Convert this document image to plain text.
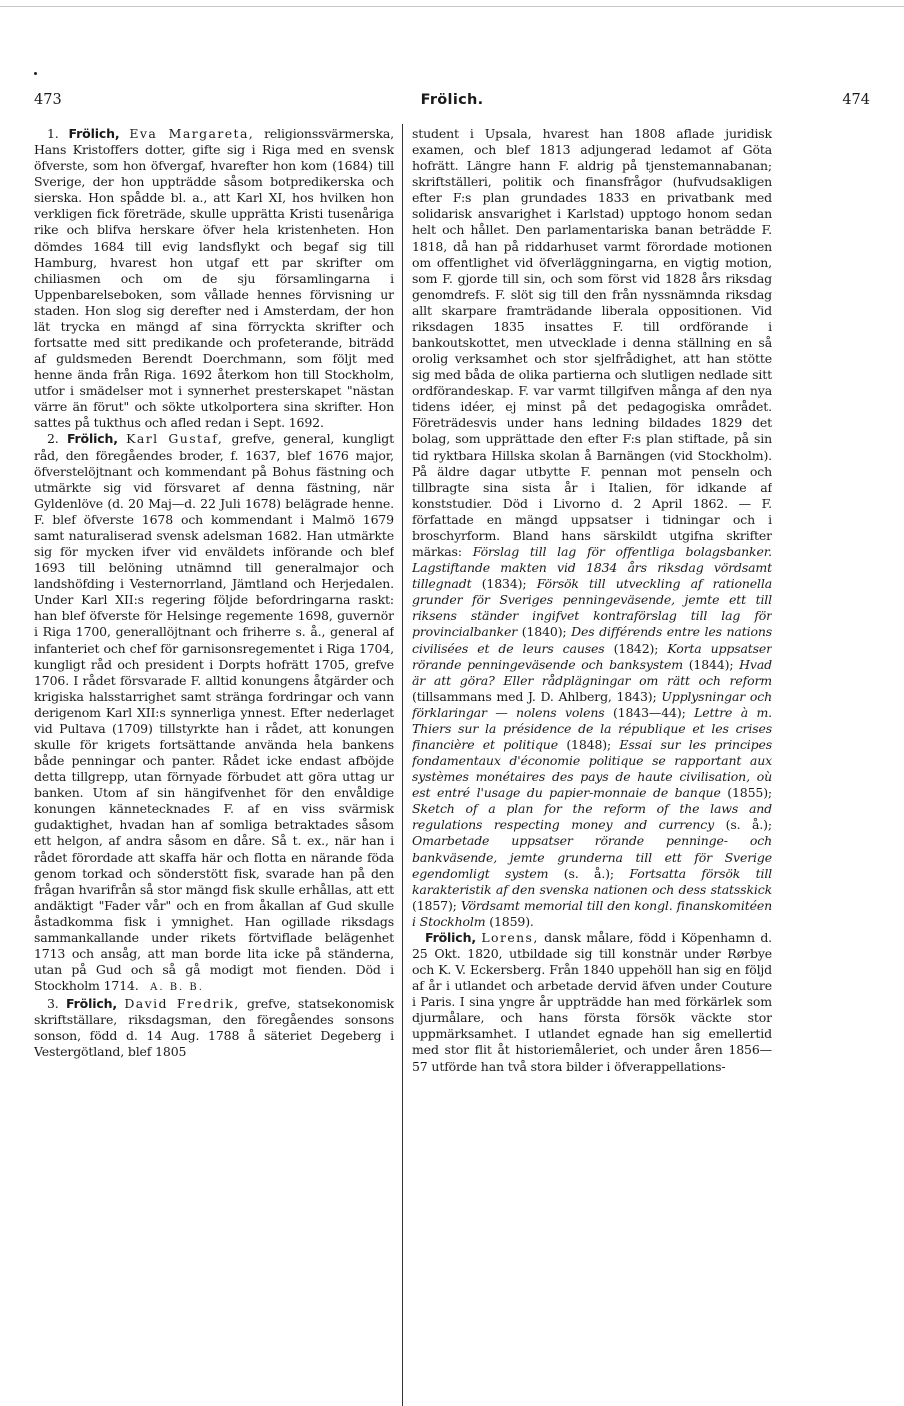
473	Frölich.	474

1. Frölich, Eva Margareta, religionssvärmerska, Hans Kristoffers dotter, gifte sig i Riga med en svensk öfverste, som hon öfvergaf, hvarefter hon kom (1684) till Sverige, der hon uppträdde såsom botpredikerska och sierska. Hon spådde bl. a., att Karl XI, hos hvilken hon verkligen fick företräde, skulle upprätta Kristi tusenåriga rike och blifva herskare öfver hela kristenheten. Hon dömdes 1684 till evig landsflykt och begaf sig till Hamburg, hvarest hon utgaf ett par skrifter om chiliasmen och om de sju församlingarna i Uppenbarelseboken, som vållade hennes förvisning ur staden. Hon slog sig derefter ned i Amsterdam, der hon lät trycka en mängd af sina förryckta skrifter och fortsatte med sitt predikande och profeterande, biträdd af guldsmeden Berendt Doerchmann, som följt med henne ända från Riga. 1692 återkom hon till Stockholm, utfor i smädelser mot i synnerhet presterskapet "nästan värre än förut" och sökte utkolportera sina skrifter. Hon sattes på tukthus och afled redan i Sept. 1692.

2. Frölich, Karl Gustaf, grefve, general, kungligt råd, den föregåendes broder, f. 1637, blef 1676 major, öfverstelöjtnant och kommendant på Bohus fästning och utmärkte sig vid försvaret af denna fästning, när Gyldenlöve (d. 20 Maj—d. 22 Juli 1678) belägrade henne. F. blef öfverste 1678 och kommendant i Malmö 1679 samt naturaliserad svensk adelsman 1682. Han utmärkte sig för mycken ifver vid enväldets införande och blef 1693 till belöning utnämnd till generalmajor och landshöfding i Vesternorrland, Jämtland och Herjedalen. Under Karl XII:s regering följde befordringarna raskt: han blef öfverste för Helsinge regemente 1698, guvernör i Riga 1700, generallöjtnant och friherre s. å., general af infanteriet och chef för garnisonsregementet i Riga 1704, kungligt råd och president i Dorpts hofrätt 1705, grefve 1706. I rådet försvarade F. alltid konungens åtgärder och krigiska halsstarrighet samt stränga fordringar och vann derigenom Karl XII:s synnerliga ynnest. Efter nederlaget vid Pultava (1709) tillstyrkte han i rådet, att konungen skulle för krigets fortsättande använda hela bankens både penningar och panter. Rådet icke endast afböjde detta tillgrepp, utan förnyade förbudet att göra uttag ur banken. Utom af sin hängifvenhet för den envåldige konungen kännetecknades F. af en viss svärmisk gudaktighet, hvadan han af somliga betraktades såsom ett helgon, af andra såsom en dåre. Så t. ex., när han i rådet förordade att skaffa här och flotta en närande föda genom torkad och sönderstött fisk, svarade han på den frågan hvarifrån så stor mängd fisk skulle erhållas, att ett andäktigt "Fader vår" och en from åkallan af Gud skulle åstadkomma fisk i ymnighet. Han ogillade riksdags sammankallande under rikets förtviflade belägenhet 1713 och ansåg, att man borde lita icke på ständerna, utan på Gud och så gå modigt mot fienden. Död i Stockholm 1714. A. B. B.

3. Frölich, David Fredrik, grefve, statsekonomisk skriftställare, riksdagsman, den föregåendes sonsons sonson, född d. 14 Aug. 1788 å säteriet Degeberg i Vestergötland, blef 1805

student i Upsala, hvarest han 1808 aflade juridisk examen, och blef 1813 adjungerad ledamot af Göta hofrätt. Längre hann F. aldrig på tjenstemannabanan; skriftställeri, politik och finansfrågor (hufvudsakligen efter F:s plan grundades 1833 en privatbank med solidarisk ansvarighet i Karlstad) upptogo honom sedan helt och hållet. Den parlamentariska banan beträdde F. 1818, då han på riddarhuset varmt förordade motionen om offentlighet vid öfverläggningarna, en vigtig motion, som F. gjorde till sin, och som först vid 1828 års riksdag genomdrefs. F. slöt sig till den från nyssnämnda riksdag allt skarpare framträdande liberala oppositionen. Vid riksdagen 1835 insattes F. till ordförande i bankoutskottet, men utvecklade i denna ställning en så orolig verksamhet och stor sjelfrådighet, att han stötte sig med båda de olika partierna och slutligen nedlade sitt ordförandeskap. F. var varmt tillgifven många af den nya tidens idéer, ej minst på det pedagogiska området. Företrädesvis under hans ledning bildades 1829 det bolag, som upprättade den efter F:s plan stiftade, på sin tid ryktbara Hillska skolan å Barnängen (vid Stockholm). På äldre dagar utbytte F. pennan mot penseln och tillbragte sina sista år i Italien, för idkande af konststudier. Död i Livorno d. 2 April 1862. — F. författade en mängd uppsatser i tidningar och i broschyrform. Bland hans särskildt utgifna skrifter märkas: Förslag till lag för offentliga bolagsbanker. Lagstiftande makten vid 1834 års riksdag vördsamt tillegnadt (1834); Försök till utveckling af rationella grunder för Sveriges penningeväsende, jemte ett till riksens ständer ingifvet kontraförslag till lag för provincialbanker (1840); Des différends entre les nations civilisées et de leurs causes (1842); Korta uppsatser rörande penningeväsende och banksystem (1844); Hvad är att göra? Eller rådplägningar om rätt och reform (tillsammans med J. D. Ahlberg, 1843); Upplysningar och förklaringar — nolens volens (1843—44); Lettre à m. Thiers sur la présidence de la république et les crises financière et politique (1848); Essai sur les principes fondamentaux d'économie politique se rapportant aux systèmes monétaires des pays de haute civilisation, où est entré l'usage du papier-monnaie de banque (1855); Sketch of a plan for the reform of the laws and regulations respecting money and currency (s. å.); Omarbetade uppsatser rörande penninge- och bankväsende, jemte grunderna till ett för Sverige egendomligt system (s. å.); Fortsatta försök till karakteristik af den svenska nationen och dess statsskick (1857); Vördsamt memorial till den kongl. finanskomitéen i Stockholm (1859).

Frölich, Lorens, dansk målare, född i Köpenhamn d. 25 Okt. 1820, utbildade sig till konstnär under Rørbye och K. V. Eckersberg. Från 1840 uppehöll han sig en följd af år i utlandet och arbetade dervid äfven under Couture i Paris. I sina yngre år uppträdde han med förkärlek som djurmålare, och hans första försök väckte stor uppmärksamhet. I utlandet egnade han sig emellertid med stor flit åt historiemåleriet, och under åren 1856—57 utförde han två stora bilder i öfverappellations-
